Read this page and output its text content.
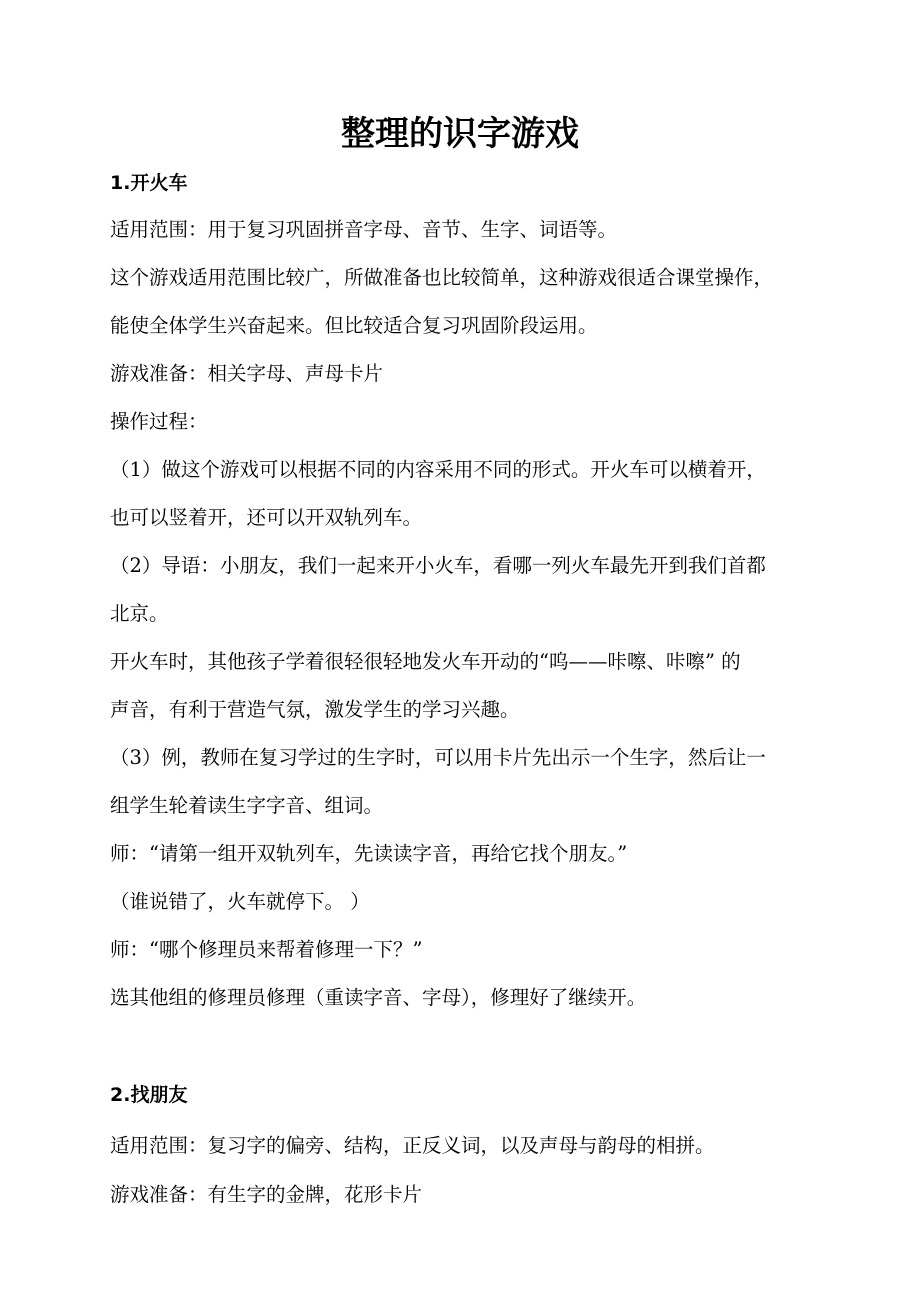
整理的识字游戏
1.开火车
适用范围：用于复习巩固拼音字母、音节、生字、词语等。
这个游戏适用范围比较广，所做准备也比较简单，这种游戏很适合课堂操作，
能使全体学生兴奋起来。但比较适合复习巩固阶段运用。
游戏准备：相关字母、声母卡片
操作过程：
（1）做这个游戏可以根据不同的内容采用不同的形式。开火车可以横着开，
也可以竖着开，还可以开双轨列车。
（2）导语：小朋友，我们一起来开小火车，看哪一列火车最先开到我们首都
北京。
开火车时，其他孩子学着很轻很轻地发火车开动的“呜——咔嚓、咔嚓” 的
声音，有利于营造气氛，激发学生的学习兴趣。
（3）例，教师在复习学过的生字时，可以用卡片先出示一个生字，然后让一
组学生轮着读生字字音、组词。
师：“请第一组开双轨列车，先读读字音，再给它找个朋友。”
（谁说错了，火车就停下。 ）
师：“哪个修理员来帮着修理一下？”
选其他组的修理员修理（重读字音、字母），修理好了继续开。
2.找朋友
适用范围：复习字的偏旁、结构，正反义词，以及声母与韵母的相拼。
游戏准备：有生字的金牌，花形卡片
